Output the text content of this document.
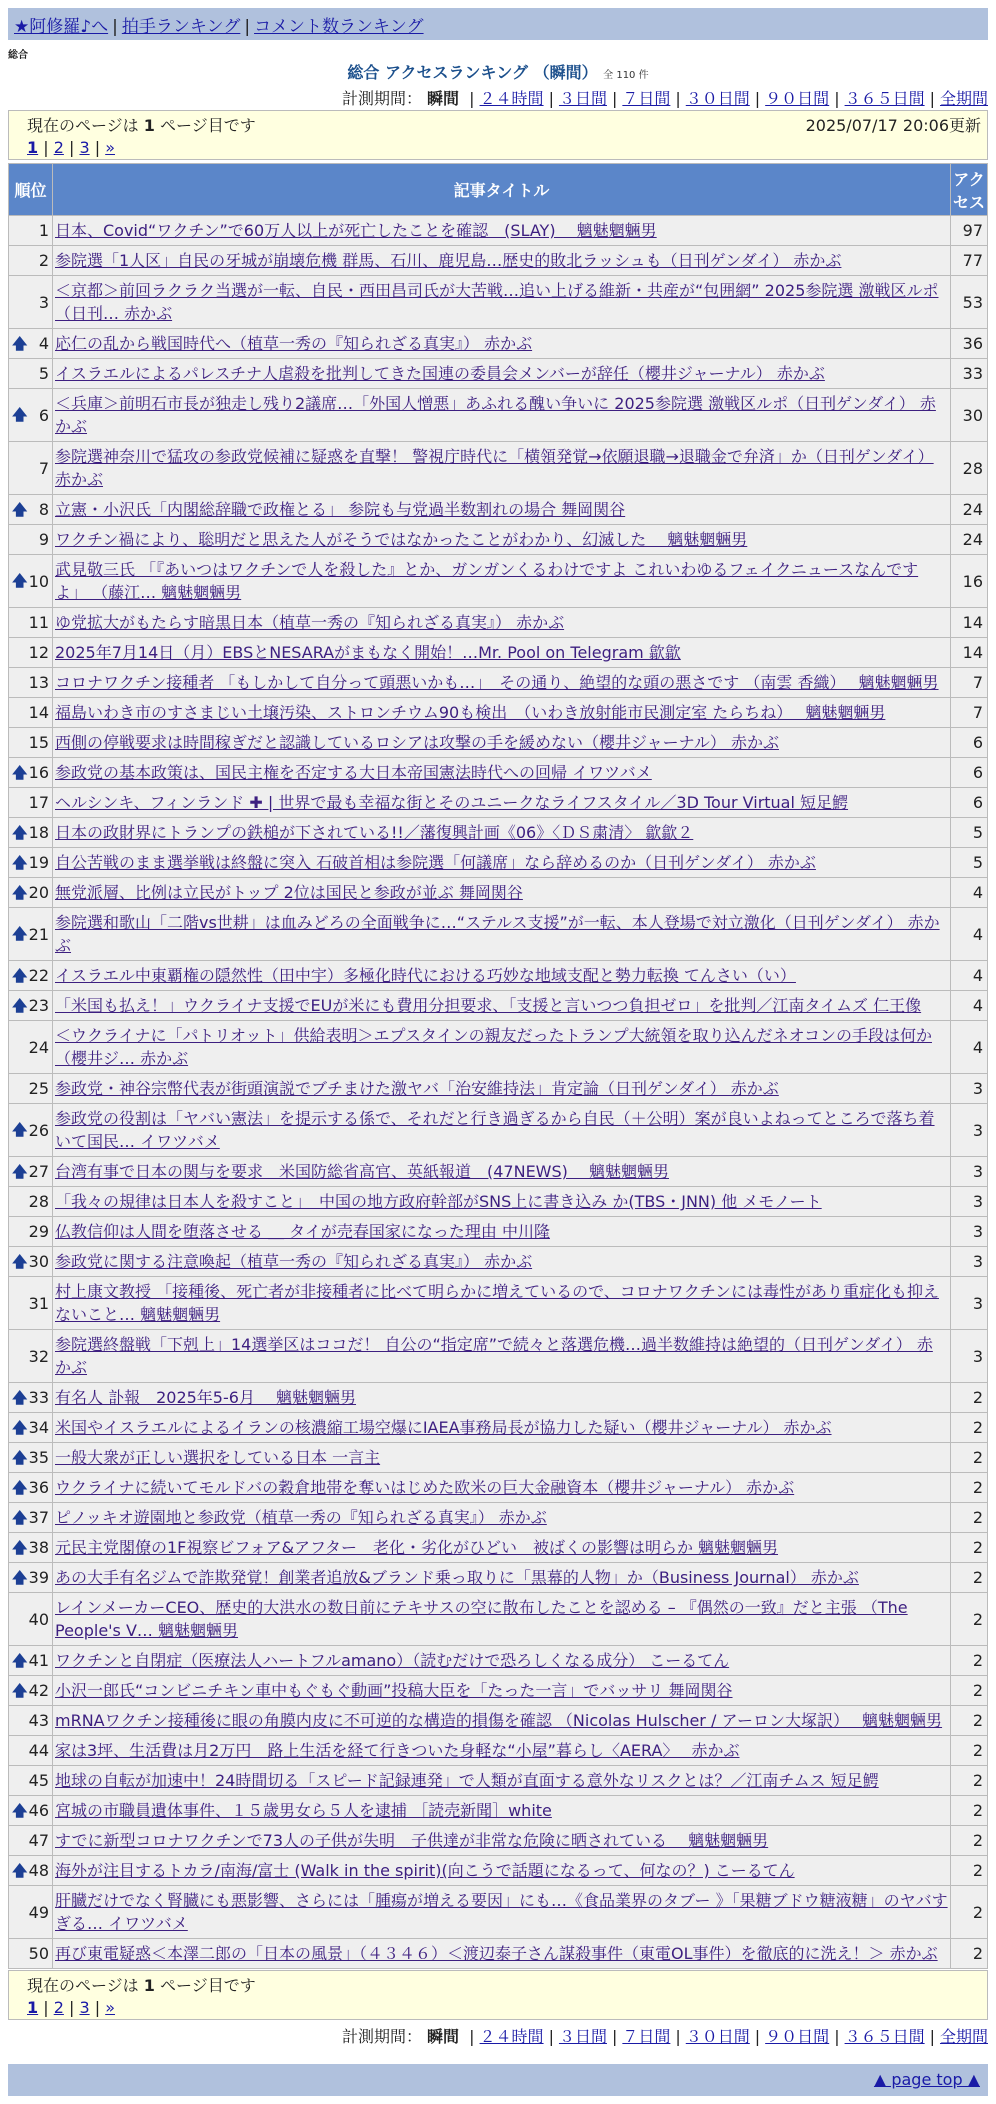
★阿修羅♪へ | 拍手ランキング | コメント数ランキング
総合
総合 アクセスランキング （瞬間） 全 110 件
計測期間： 瞬間 | ２４時間 | ３日間 | ７日間 | ３０日間 | ９０日間 | ３６５日間 | 全期間
現在のページは 1 ページ目です	2025/07/17 20:06更新
1 | 2 | 3 | »
順位	記事タイトル	アクセス
1	日本、Covid“ワクチン”で60万人以上が死亡したことを確認　(SLAY)　 魑魅魍魎男	97
2	参院選「1人区」自民の牙城が崩壊危機 群馬、石川、鹿児島…歴史的敗北ラッシュも（日刊ゲンダイ） 赤かぶ	77
3	＜京都＞前回ラクラク当選が一転、自民・西田昌司氏が大苦戦…追い上げる維新・共産が“包囲網” 2025参院選 激戦区ルポ（日刊… 赤かぶ	53

🡅 4	応仁の乱から戦国時代へ（植草一秀の『知られざる真実』） 赤かぶ	36
5	イスラエルによるパレスチナ人虐殺を批判してきた国連の委員会メンバーが辞任（櫻井ジャーナル） 赤かぶ	33

🡅 6	＜兵庫＞前明石市長が独走し残り2議席…「外国人憎悪」あふれる醜い争いに 2025参院選 激戦区ルポ（日刊ゲンダイ） 赤かぶ	30
7	参院選神奈川で猛攻の参政党候補に疑惑を直撃！ 警視庁時代に「横領発覚→依願退職→退職金で弁済」か（日刊ゲンダイ） 赤かぶ	28

🡅 8	立憲・小沢氏「内閣総辞職で政権とる」 参院も与党過半数割れの場合 舞岡関谷	24
9	ワクチン禍により、聡明だと思えた人がそうではなかったことがわかり、幻滅した　 魑魅魍魎男	24

🡅 10	武見敬三氏 「『あいつはワクチンで人を殺した』とか、ガンガンくるわけですよ これいわゆるフェイクニュースなんですよ」 （藤江… 魑魅魍魎男	16
11	ゆ党拡大がもたらす暗黒日本（植草一秀の『知られざる真実』） 赤かぶ	14
12	2025年7月14日（月）EBSとNESARAがまもなく開始！…Mr. Pool on Telegram 歙歙	14
13	コロナワクチン接種者 「もしかして自分って頭悪いかも…」　その通り、絶望的な頭の悪さです （南雲 香織）　 魑魅魍魎男	7
14	福島いわき市のすさまじい土壌汚染、ストロンチウム90も検出　（いわき放射能市民測定室 たらちね）　 魑魅魍魎男	7
15	西側の停戦要求は時間稼ぎだと認識しているロシアは攻撃の手を緩めない（櫻井ジャーナル） 赤かぶ	6

🡅 16	参政党の基本政策は、国民主権を否定する大日本帝国憲法時代への回帰 イワツバメ	6
17	ヘルシンキ、フィンランド ✚ | 世界で最も幸福な街とそのユニークなライフスタイル／3D Tour Virtual 短足鰐	6

🡅 18	日本の政財界にトランプの鉄槌が下されている!!／藩復興計画《06》〈ＤＳ粛清〉 歙歙２	5

🡅 19	自公苦戦のまま選挙戦は終盤に突入 石破首相は参院選「何議席」なら辞めるのか（日刊ゲンダイ） 赤かぶ	5

🡅 20	無党派層、比例は立民がトップ 2位は国民と参政が並ぶ 舞岡関谷	4

🡅 21	参院選和歌山「二階vs世耕」は血みどろの全面戦争に…“ステルス支援”が一転、本人登場で対立激化（日刊ゲンダイ） 赤かぶ	4

🡅 22	イスラエル中東覇権の隠然性（田中宇）多極化時代における巧妙な地域支配と勢力転換 てんさい（い）	4

🡅 23	「米国も払え！」ウクライナ支援でEUが米にも費用分担要求、「支援と言いつつ負担ゼロ」を批判／江南タイムズ 仁王像	4
24	＜ウクライナに「パトリオット」供給表明＞エプスタインの親友だったトランプ大統領を取り込んだネオコンの手段は何か（櫻井ジ… 赤かぶ	4
25	参政党・神谷宗幣代表が街頭演説でブチまけた激ヤバ「治安維持法」肯定論（日刊ゲンダイ） 赤かぶ	3

🡅 26	参政党の役割は「ヤバい憲法」を提示する係で、それだと行き過ぎるから自民（＋公明）案が良いよねってところで落ち着いて国民… イワツバメ	3

🡅 27	台湾有事で日本の関与を要求　米国防総省高官、英紙報道　(47NEWS)　 魑魅魍魎男	3
28	「我々の規律は日本人を殺すこと」　中国の地方政府幹部がSNS上に書き込み か(TBS・JNN) 他 メモノート	3
29	仏教信仰は人間を堕落させる ＿ タイが売春国家になった理由 中川隆	3

🡅 30	参政党に関する注意喚起（植草一秀の『知られざる真実』） 赤かぶ	3
31	村上康文教授 「接種後、死亡者が非接種者に比べて明らかに増えているので、コロナワクチンには毒性があり重症化も抑えないこと… 魑魅魍魎男	3
32	参院選終盤戦「下剋上」14選挙区はココだ！ 自公の“指定席”で続々と落選危機…過半数維持は絶望的（日刊ゲンダイ） 赤かぶ	3

🡅 33	有名人 訃報　2025年5-6月　 魑魅魍魎男	2

🡅 34	米国やイスラエルによるイランの核濃縮工場空爆にIAEA事務局長が協力した疑い（櫻井ジャーナル） 赤かぶ	2

🡅 35	一般大衆が正しい選択をしている日本 一言主	2

🡅 36	ウクライナに続いてモルドバの穀倉地帯を奪いはじめた欧米の巨大金融資本（櫻井ジャーナル） 赤かぶ	2

🡅 37	ピノッキオ遊園地と参政党（植草一秀の『知られざる真実』） 赤かぶ	2

🡅 38	元民主党閣僚の1F視察ビフォア&アフター　老化・劣化がひどい　被ばくの影響は明らか 魑魅魍魎男	2

🡅 39	あの大手有名ジムで詐欺発覚！創業者追放&ブランド乗っ取りに「黒幕的人物」か（Business Journal） 赤かぶ	2
40	レインメーカーCEO、歴史的大洪水の数日前にテキサスの空に散布したことを認める – 『偶然の一致』だと主張 （The People's V… 魑魅魍魎男	2

🡅 41	ワクチンと自閉症（医療法人ハートフルamano）（読むだけで恐ろしくなる成分） こーるてん	2

🡅 42	小沢一郎氏“コンビニチキン車中もぐもぐ動画”投稿大臣を「たった一言」でバッサリ 舞岡関谷	2
43	mRNAワクチン接種後に眼の角膜内皮に不可逆的な構造的損傷を確認 （Nicolas Hulscher / アーロン大塚訳）　 魑魅魍魎男	2
44	家は3坪、生活費は月2万円　路上生活を経て行きついた身軽な“小屋”暮らし〈AERA〉　 赤かぶ	2
45	地球の自転が加速中！24時間切る「スピード記録連発」で人類が直面する意外なリスクとは？／江南チムス 短足鰐	2

🡅 46	宮城の市職員遺体事件、１５歳男女ら５人を逮捕 ［読売新聞］white	2
47	すでに新型コロナワクチンで73人の子供が失明　子供達が非常な危険に晒されている　 魑魅魍魎男	2

🡅 48	海外が注目するトカラ/南海/富士 (Walk in the spirit)(向こうで話題になるって、何なの？) こーるてん	2
49	肝臓だけでなく腎臓にも悪影響、さらには「腫瘍が増える要因」にも…《食品業界のタブー 》「果糖ブドウ糖液糖」のヤバすぎる… イワツバメ	2
50	再び東電疑惑＜本澤二郎の「日本の風景」（４３４６）＜渡辺泰子さん謀殺事件（東電OL事件）を徹底的に洗え！＞ 赤かぶ	2
現在のページは 1 ページ目です
1 | 2 | 3 | »
計測期間： 瞬間 | ２４時間 | ３日間 | ７日間 | ３０日間 | ９０日間 | ３６５日間 | 全期間
▲ page top ▲
